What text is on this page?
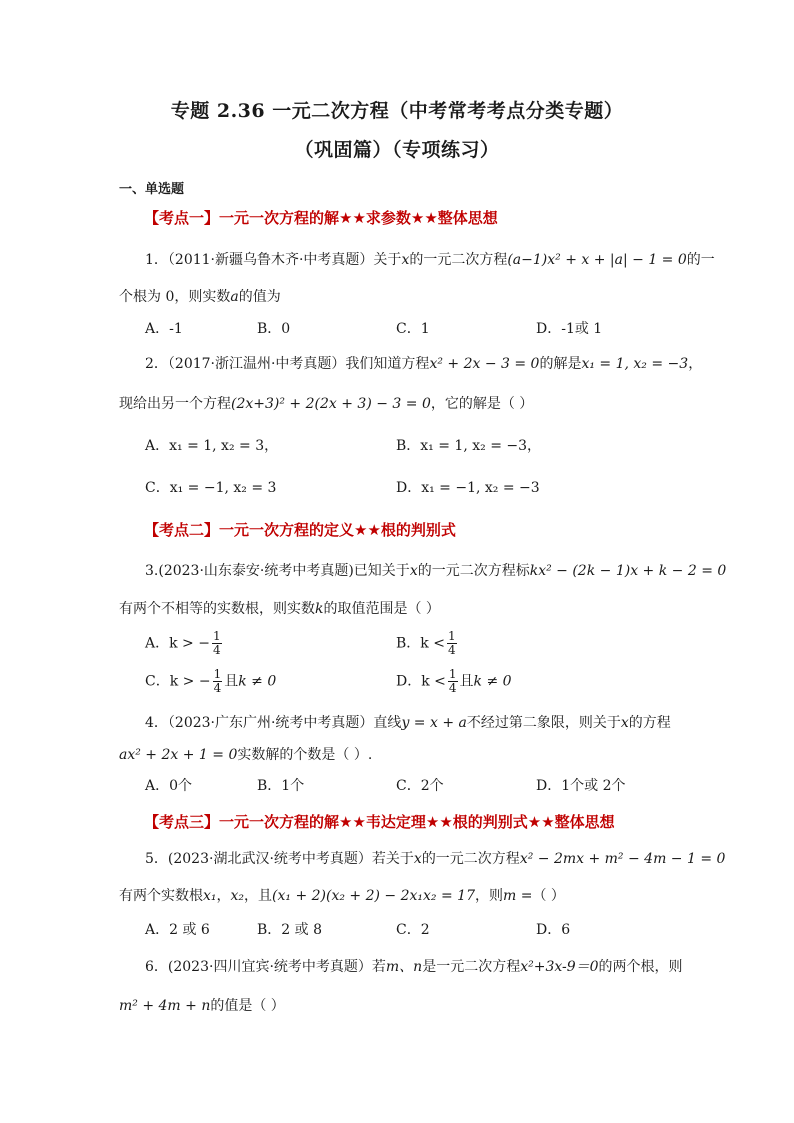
专题 2.36 一元二次方程（中考常考考点分类专题）
（巩固篇）（专项练习）
一、单选题
【考点一】一元一次方程的解★★求参数★★整体思想
1．（2011·新疆乌鲁木齐·中考真题）关于x的一元二次方程(a−1)x² + x + |a| − 1 = 0的一
个根为 0，则实数a的值为
A．-1	B．0	C．1	D．-1或 1
2．（2017·浙江温州·中考真题）我们知道方程x² + 2x − 3 = 0的解是x₁ = 1, x₂ = −3，
现给出另一个方程(2x+3)² + 2(2x + 3) − 3 = 0，它的解是（ ）
A．x₁ = 1, x₂ = 3，	B．x₁ = 1, x₂ = −3，
C．x₁ = −1, x₂ = 3	D．x₁ = −1, x₂ = −3
【考点二】一元一次方程的定义★★根的判别式
3.(2023·山东泰安·统考中考真题)已知关于x的一元二次方程标kx² − (2k − 1)x + k − 2 = 0
有两个不相等的实数根，则实数k的取值范围是（ ）
A．k > − $\frac{1}{4}$	B．$k < \frac{1}{4}$
C．k > − $\frac{1}{4}$ 且k ≠ 0	D．$k < \frac{1}{4}$ 且k ≠ 0
4．（2023·广东广州·统考中考真题）直线y = x + a不经过第二象限，则关于x的方程
ax² + 2x + 1 = 0实数解的个数是（ ）.
A．0个	B．1个	C．2个	D．1个或 2个
【考点三】一元一次方程的解★★韦达定理★★根的判别式★★整体思想
5．(2023·湖北武汉·统考中考真题）若关于x的一元二次方程x² − 2mx + m² − 4m − 1 = 0
有两个实数根x₁，x₂，且(x₁ + 2)(x₂ + 2) − 2x₁x₂ = 17，则m =（ ）
A．2 或 6	B．2 或 8	C．2	D．6
6．(2023·四川宜宾·统考中考真题）若m、n是一元二次方程x²+3x-9＝0的两个根，则
m² + 4m + n的值是（ ）
